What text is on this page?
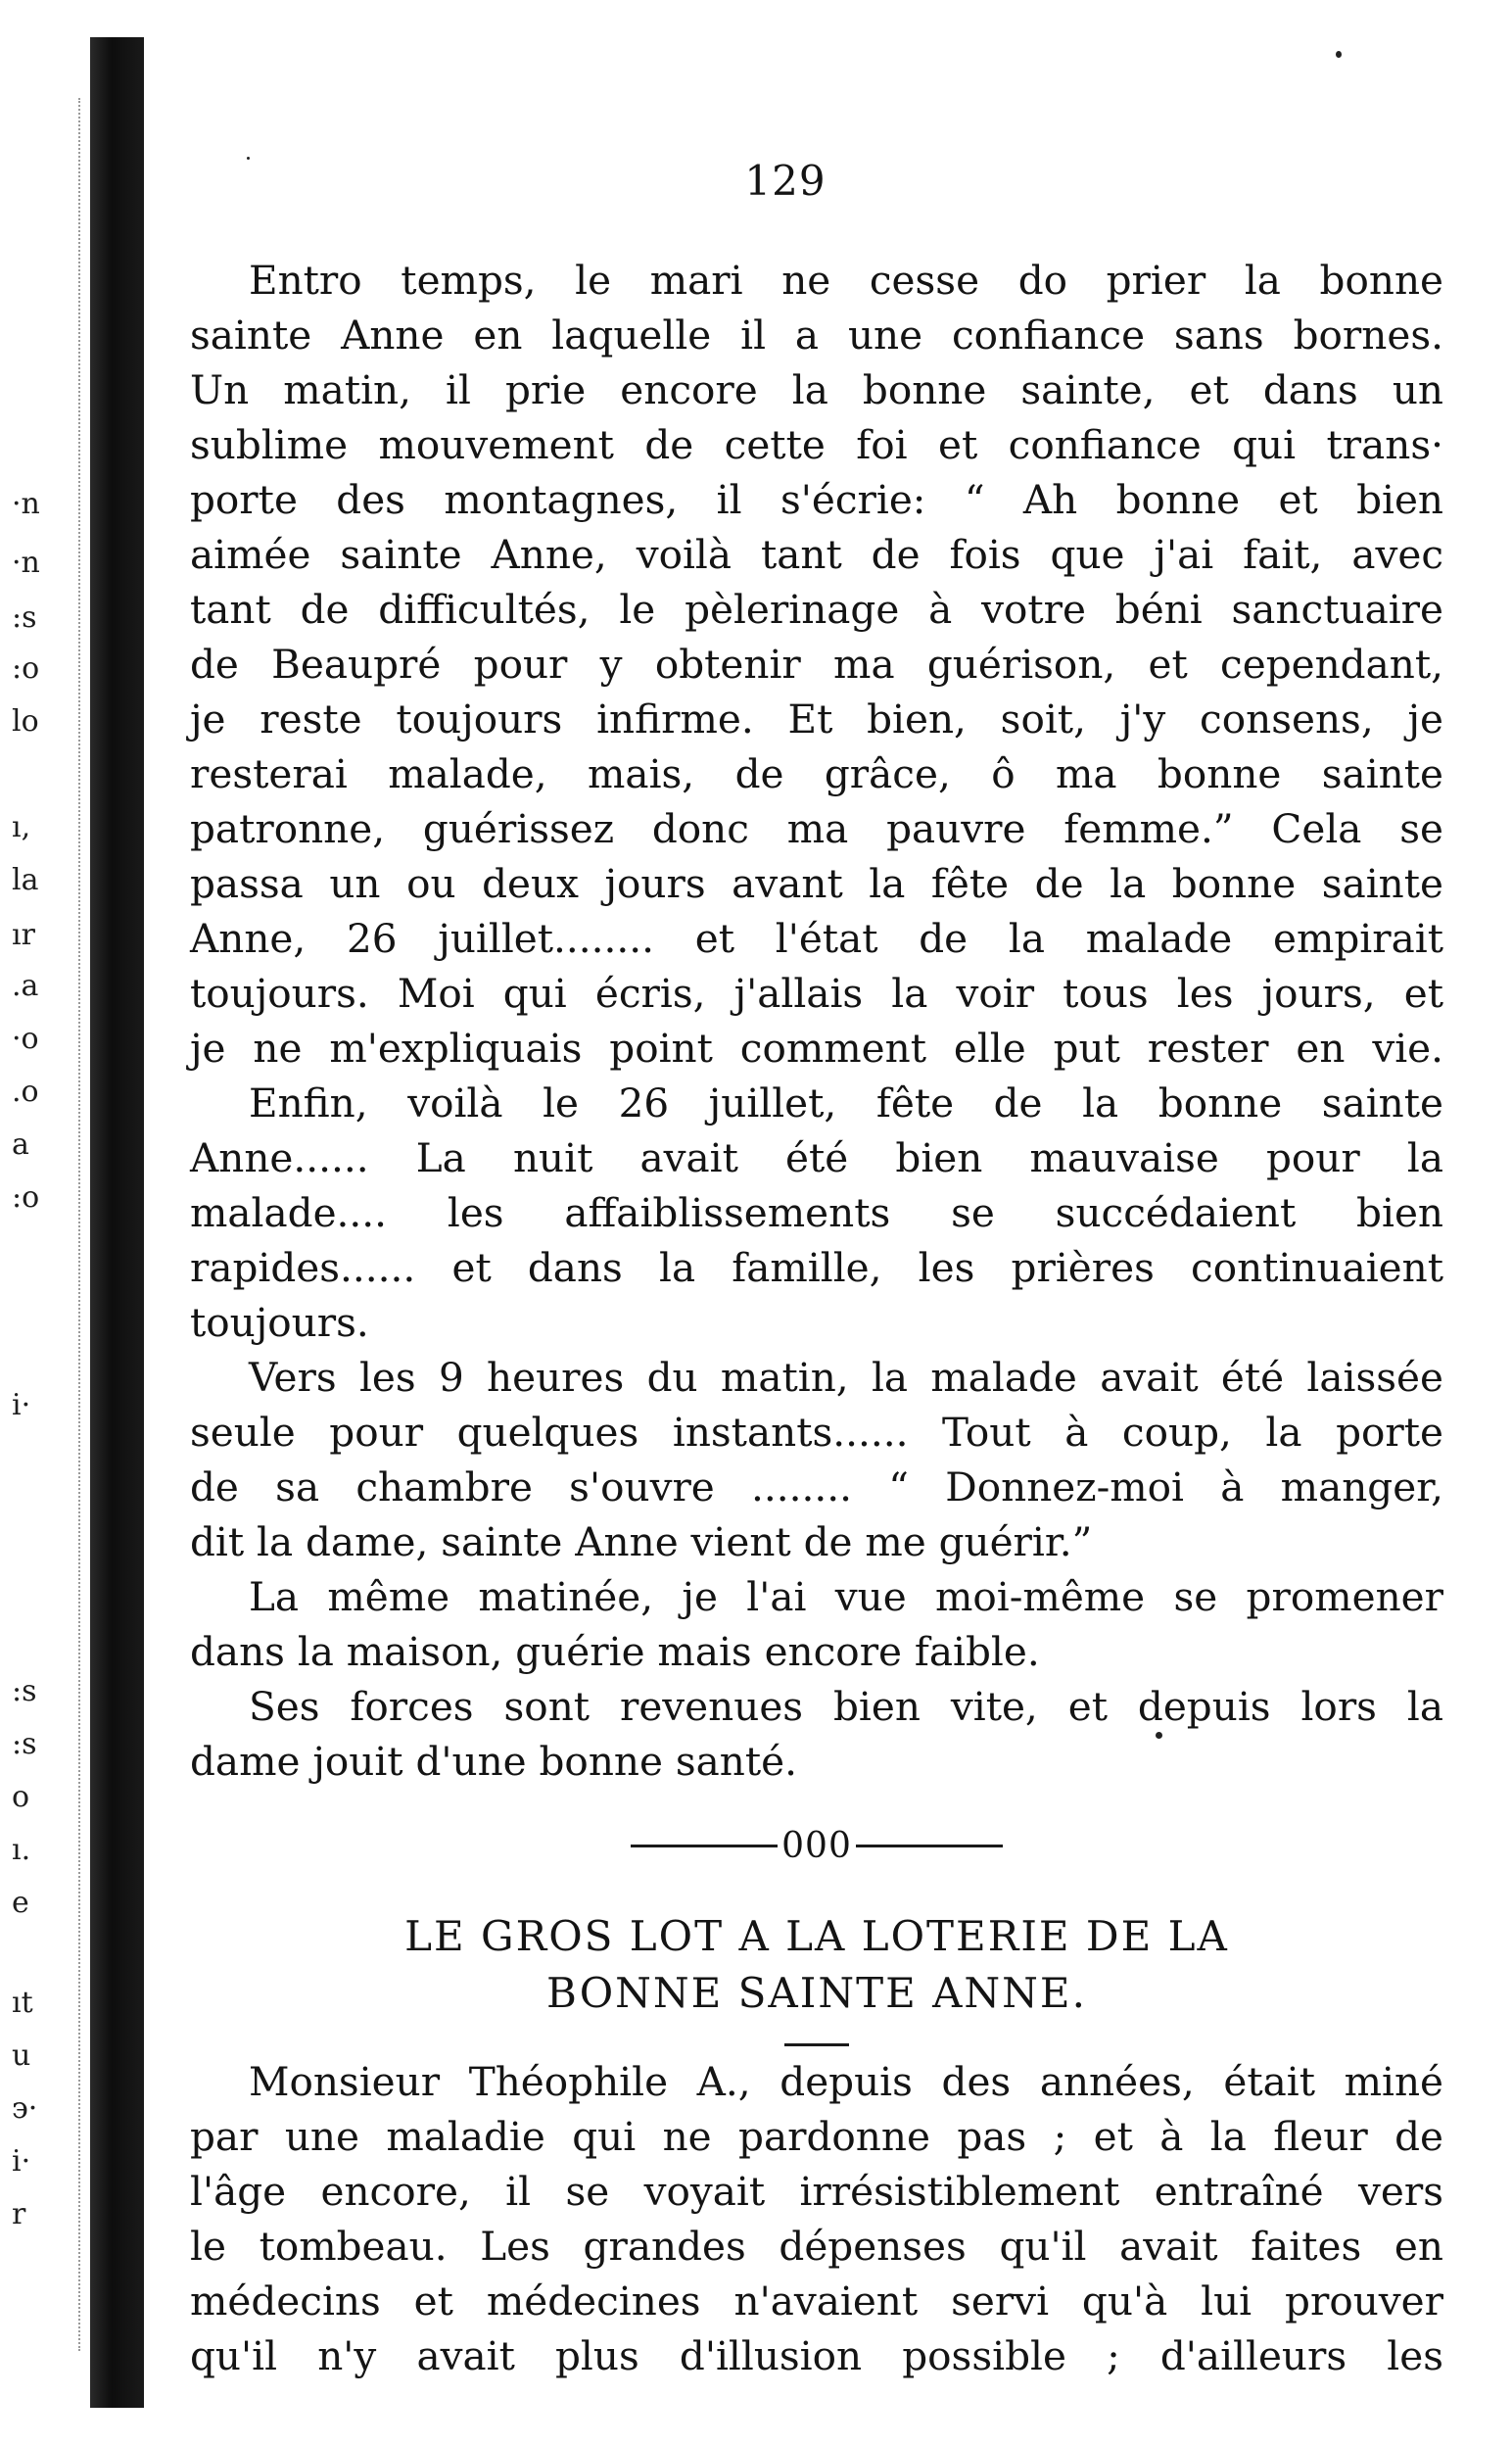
·n
·n
:s
:o
lo
ı,
la
ır
.a
·o
.o
a
:o
i·
:s
:s
o
ı.
e
ıt
u
э·
i·
r
129
Entro temps, le mari ne cesse do prier la bonne
sainte Anne en laquelle il a une confiance sans bornes.
Un matin, il prie encore la bonne sainte, et dans un
sublime mouvement de cette foi et confiance qui trans·
porte des montagnes, il s'écrie: “ Ah bonne et bien
aimée sainte Anne, voilà tant de fois que j'ai fait, avec
tant de difficultés, le pèlerinage à votre béni sanctuaire
de Beaupré pour y obtenir ma guérison, et cependant,
je reste toujours infirme. Et bien, soit, j'y consens, je
resterai malade, mais, de grâce, ô ma bonne sainte
patronne, guérissez donc ma pauvre femme.” Cela se
passa un ou deux jours avant la fête de la bonne sainte
Anne, 26 juillet........ et l'état de la malade empirait
toujours. Moi qui écris, j'allais la voir tous les jours, et
je ne m'expliquais point comment elle put rester en vie.
Enfin, voilà le 26 juillet, fête de la bonne sainte
Anne...... La nuit avait été bien mauvaise pour la
malade.... les affaiblissements se succédaient bien
rapides...... et dans la famille, les prières continuaient
toujours.
Vers les 9 heures du matin, la malade avait été laissée
seule pour quelques instants...... Tout à coup, la porte
de sa chambre s'ouvre ........ “ Donnez-moi à manger,
dit la dame, sainte Anne vient de me guérir.”
La même matinée, je l'ai vue moi-même se promener
dans la maison, guérie mais encore faible.
Ses forces sont revenues bien vite, et depuis lors la
dame jouit d'une bonne santé.
000
LE GROS LOT A LA LOTERIE DE LA
BONNE SAINTE ANNE.
Monsieur Théophile A., depuis des années, était miné
par une maladie qui ne pardonne pas ; et à la fleur de
l'âge encore, il se voyait irrésistiblement entraîné vers
le tombeau. Les grandes dépenses qu'il avait faites en
médecins et médecines n'avaient servi qu'à lui prouver
qu'il n'y avait plus d'illusion possible ; d'ailleurs les
